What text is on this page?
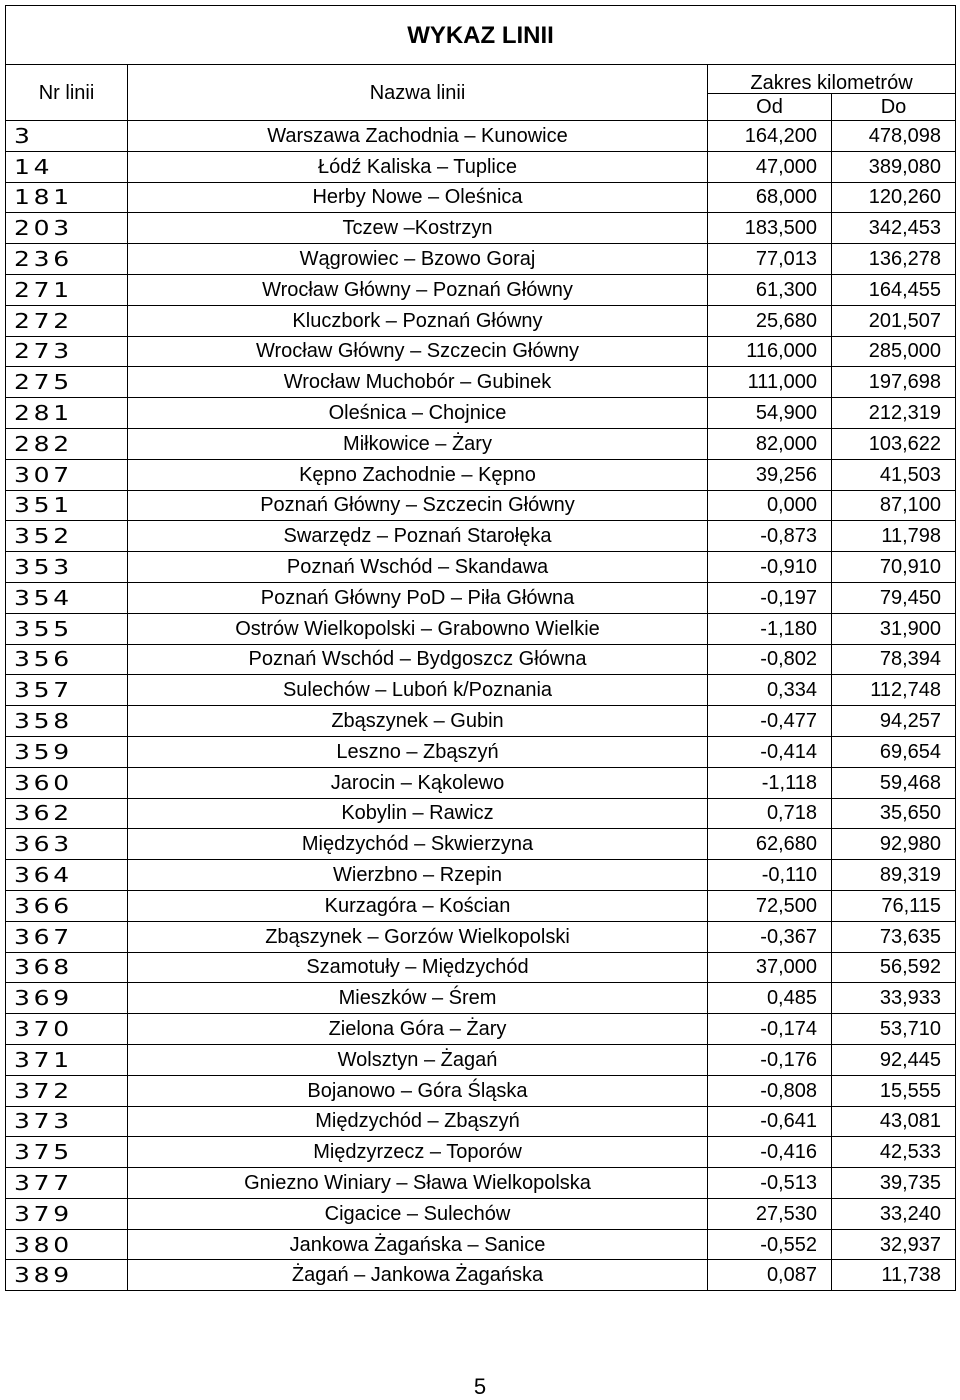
WYKAZ LINII			
Nr linii	Nazwa linii	Zakres kilometrów	
		Od	Do
3	Warszawa Zachodnia – Kunowice	164,200	478,098
14	Łódź Kaliska – Tuplice	47,000	389,080
181	Herby Nowe – Oleśnica	68,000	120,260
203	Tczew –Kostrzyn	183,500	342,453
236	Wągrowiec – Bzowo Goraj	77,013	136,278
271	Wrocław Główny – Poznań Główny	61,300	164,455
272	Kluczbork – Poznań Główny	25,680	201,507
273	Wrocław Główny – Szczecin Główny	116,000	285,000
275	Wrocław Muchobór – Gubinek	111,000	197,698
281	Oleśnica – Chojnice	54,900	212,319
282	Miłkowice – Żary	82,000	103,622
307	Kępno Zachodnie – Kępno	39,256	41,503
351	Poznań Główny – Szczecin Główny	0,000	87,100
352	Swarzędz – Poznań Starołęka	-0,873	11,798
353	Poznań Wschód – Skandawa	-0,910	70,910
354	Poznań Główny PoD – Piła Główna	-0,197	79,450
355	Ostrów Wielkopolski – Grabowno Wielkie	-1,180	31,900
356	Poznań Wschód – Bydgoszcz Główna	-0,802	78,394
357	Sulechów – Luboń k/Poznania	0,334	112,748
358	Zbąszynek – Gubin	-0,477	94,257
359	Leszno – Zbąszyń	-0,414	69,654
360	Jarocin – Kąkolewo	-1,118	59,468
362	Kobylin – Rawicz	0,718	35,650
363	Międzychód – Skwierzyna	62,680	92,980
364	Wierzbno – Rzepin	-0,110	89,319
366	Kurzagóra – Kościan	72,500	76,115
367	Zbąszynek – Gorzów Wielkopolski	-0,367	73,635
368	Szamotuły – Międzychód	37,000	56,592
369	Mieszków – Śrem	0,485	33,933
370	Zielona Góra – Żary	-0,174	53,710
371	Wolsztyn – Żagań	-0,176	92,445
372	Bojanowo – Góra Śląska	-0,808	15,555
373	Międzychód – Zbąszyń	-0,641	43,081
375	Międzyrzecz – Toporów	-0,416	42,533
377	Gniezno Winiary – Sława Wielkopolska	-0,513	39,735
379	Cigacice – Sulechów	27,530	33,240
380	Jankowa Żagańska – Sanice	-0,552	32,937
389	Żagań – Jankowa Żagańska	0,087	11,738
5
